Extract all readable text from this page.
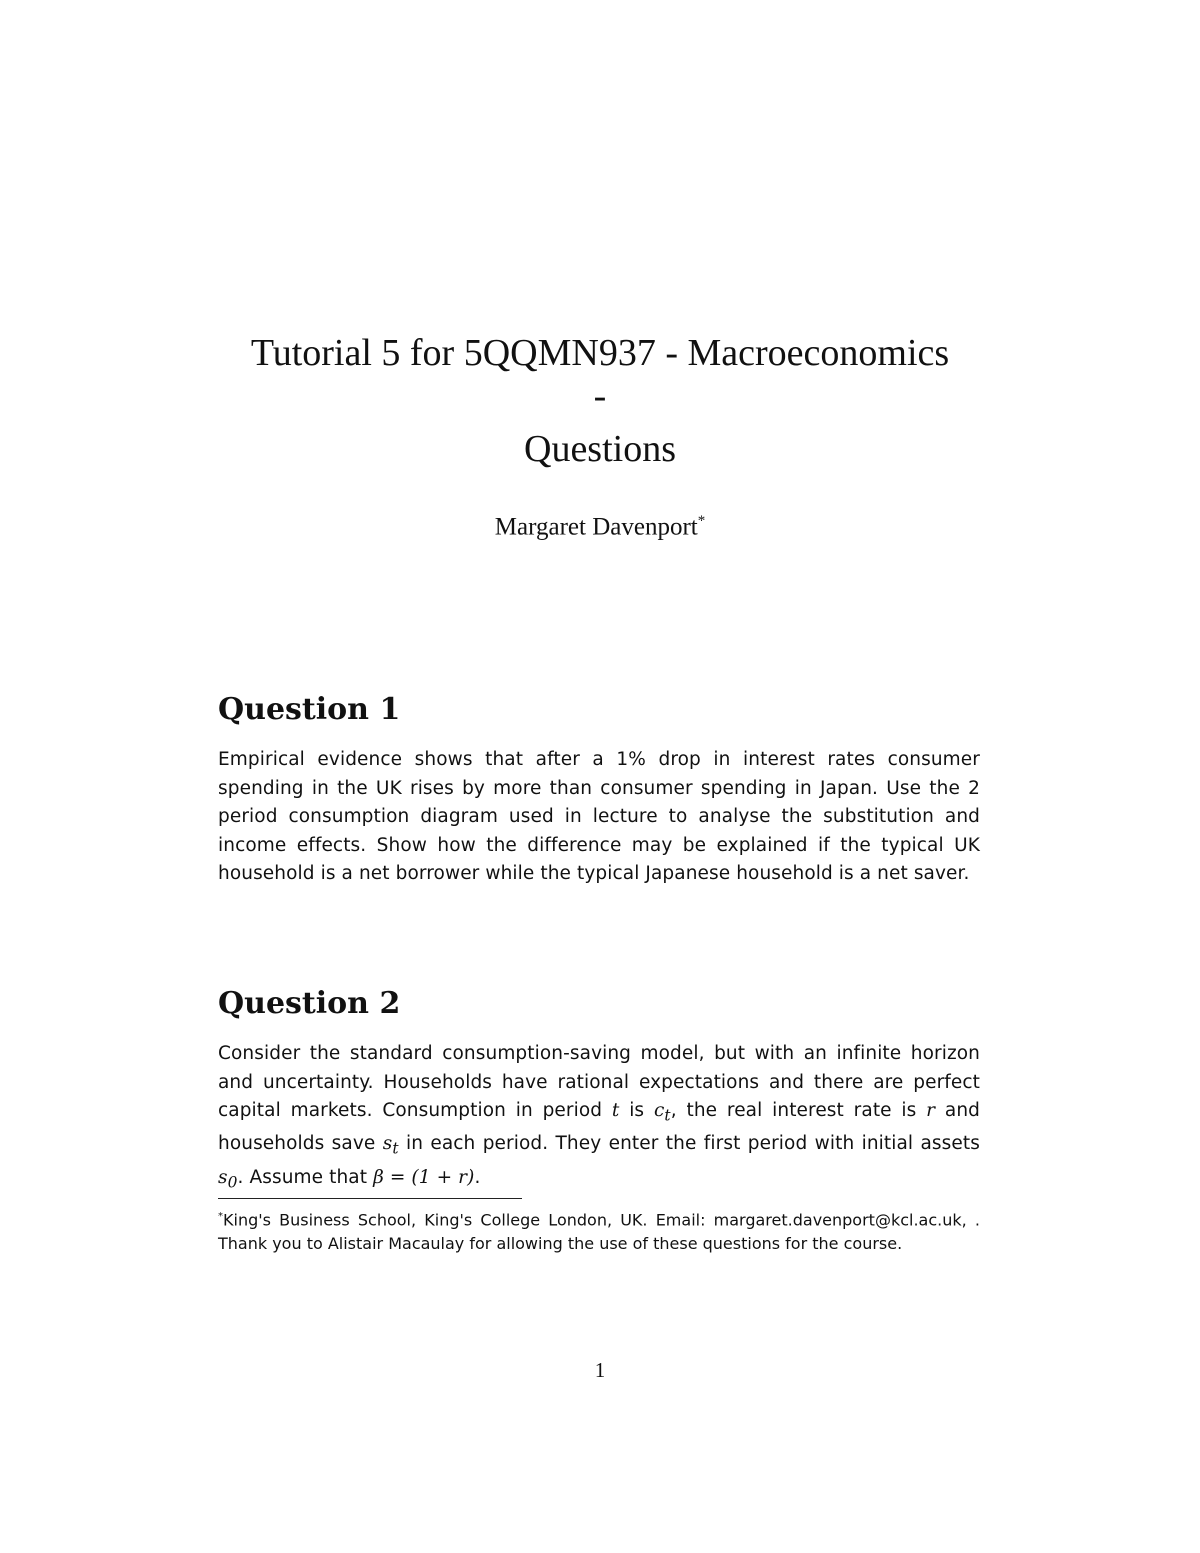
Tutorial 5 for 5QQMN937 - Macroeconomics
-
Questions
Margaret Davenport*
Question 1

Empirical evidence shows that after a 1% drop in interest rates consumer spending in the UK rises by more than consumer spending in Japan. Use the 2 period consumption diagram used in lecture to analyse the substitution and income effects. Show how the difference may be explained if the typical UK household is a net borrower while the typical Japanese household is a net saver.

Question 2

Consider the standard consumption-saving model, but with an infinite horizon and uncertainty. Households have rational expectations and there are perfect capital markets. Consumption in period t is $c_t$, the real interest rate is r and households save $s_t$ in each period. They enter the first period with initial assets $s_0$. Assume that β = (1 + r).

*King's Business School, King's College London, UK. Email: margaret.davenport@kcl.ac.uk, . Thank you to Alistair Macaulay for allowing the use of these questions for the course.
1
